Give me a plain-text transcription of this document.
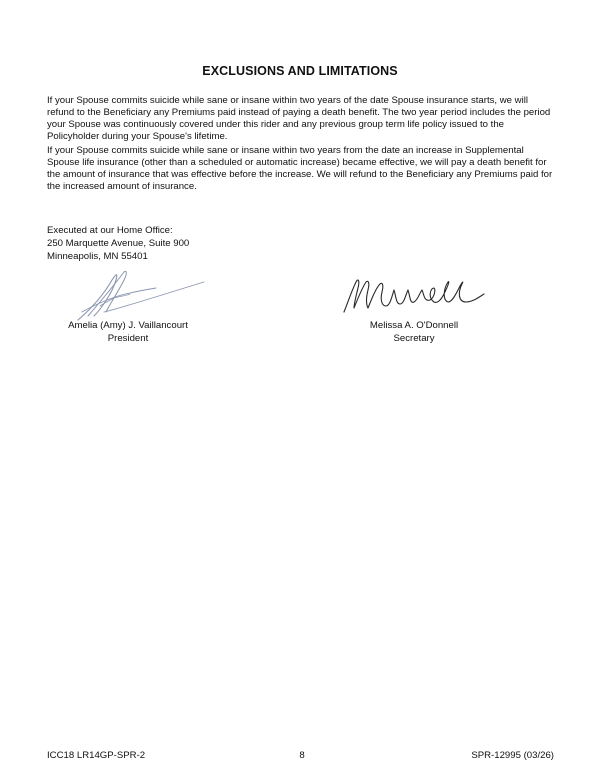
EXCLUSIONS AND LIMITATIONS

If your Spouse commits suicide while sane or insane within two years of the date Spouse insurance starts, we will refund to the Beneficiary any Premiums paid instead of paying a death benefit. The two year period includes the period your Spouse was continuously covered under this rider and any previous group term life policy issued to the Policyholder during your Spouse's lifetime.

If your Spouse commits suicide while sane or insane within two years from the date an increase in Supplemental Spouse life insurance (other than a scheduled or automatic increase) became effective, we will pay a death benefit for the amount of insurance that was effective before the increase. We will refund to the Beneficiary any Premiums paid for the increased amount of insurance.

Executed at our Home Office:
250 Marquette Avenue, Suite 900
Minneapolis, MN 55401
Amelia (Amy) J. Vaillancourt
President
Melissa A. O'Donnell
Secretary
ICC18 LR14GP-SPR-2	8	SPR-12995 (03/26)
